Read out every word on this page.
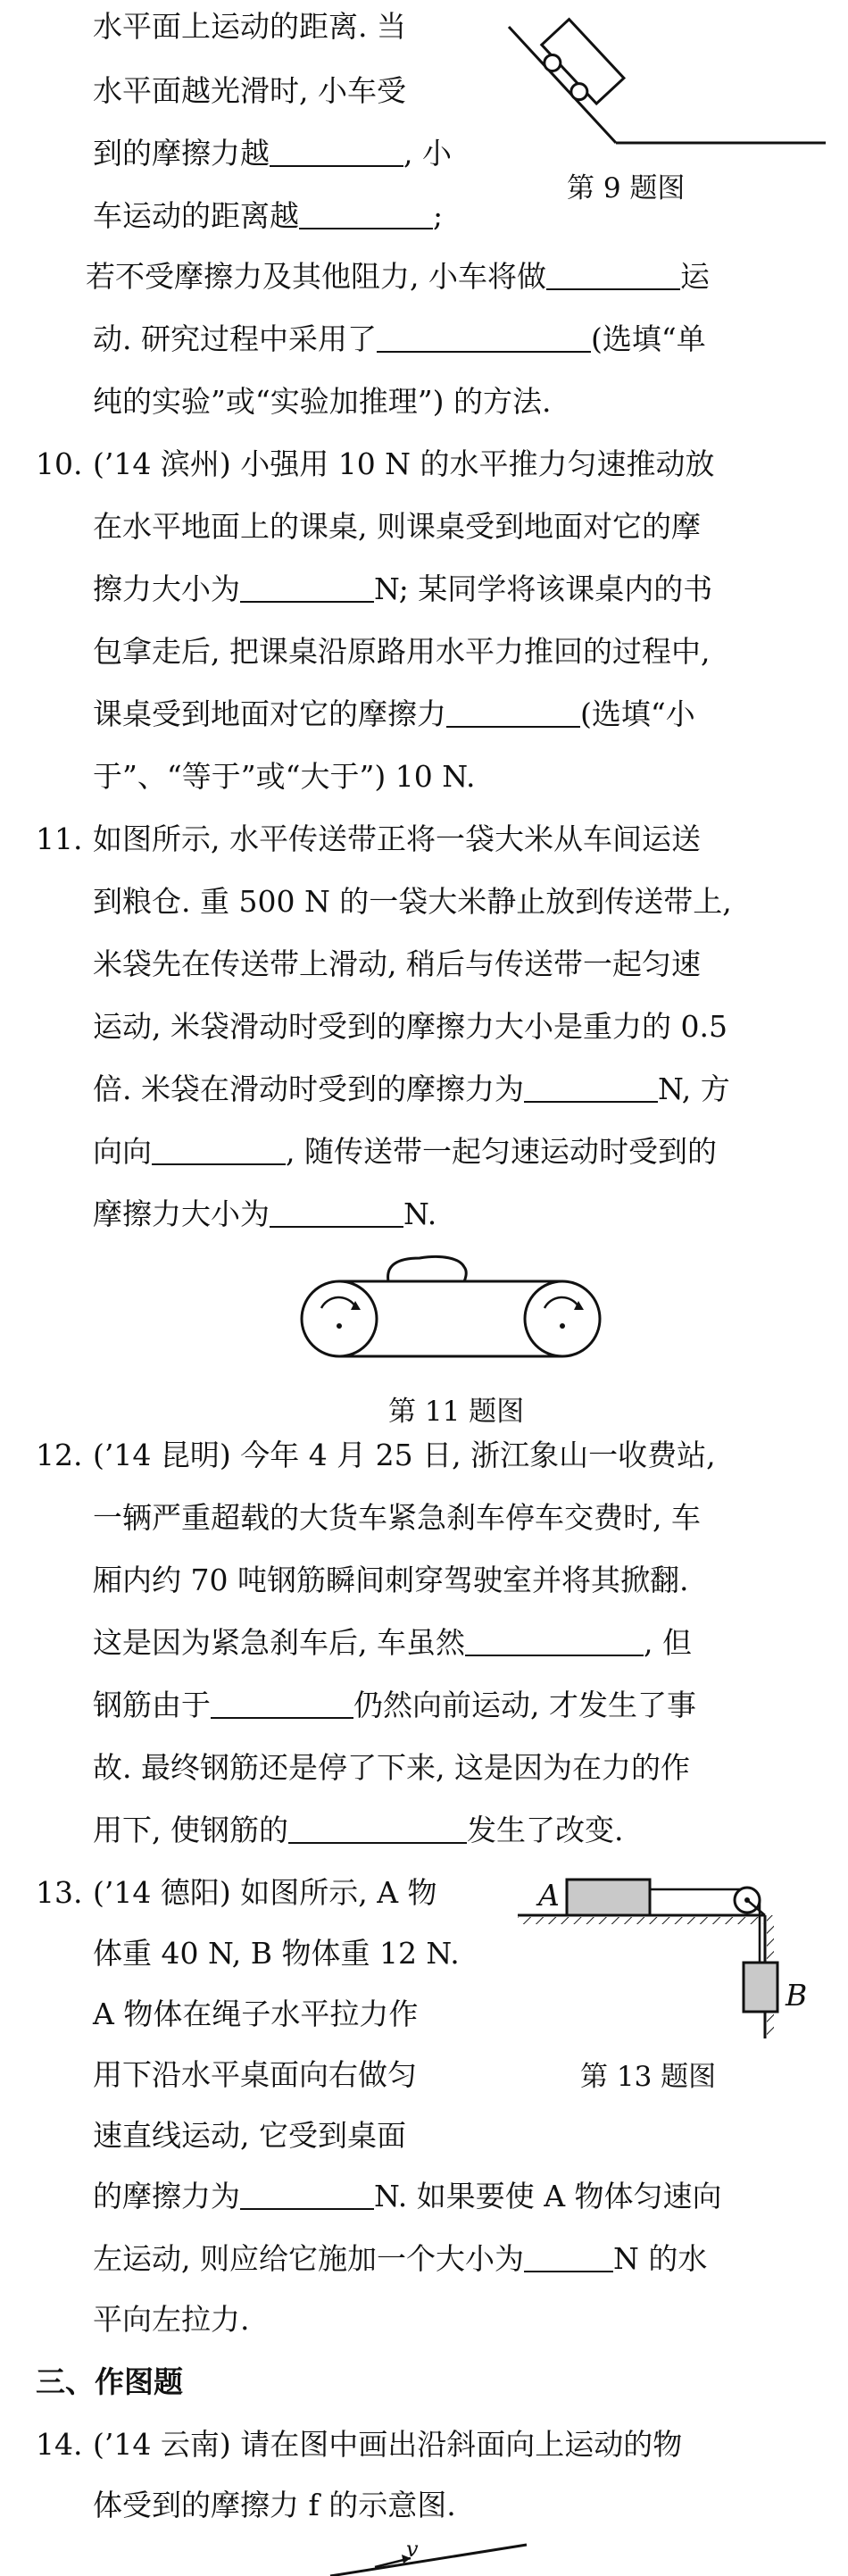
水平面上运动的距离. 当
水平面越光滑时, 小车受
到的摩擦力越	, 小
车运动的距离越	;
若不受摩擦力及其他阻力, 小车将做	运
动. 研究过程中采用了	(选填“单
纯的实验”或“实验加推理”) 的方法.
第 9 题图
10. (’14 滨州) 小强用 10 N 的水平推力匀速推动放
在水平地面上的课桌, 则课桌受到地面对它的摩
擦力大小为	N; 某同学将该课桌内的书
包拿走后, 把课桌沿原路用水平力推回的过程中,
课桌受到地面对它的摩擦力	(选填“小
于”、“等于”或“大于”) 10 N.
11. 如图所示, 水平传送带正将一袋大米从车间运送
到粮仓. 重 500 N 的一袋大米静止放到传送带上,
米袋先在传送带上滑动, 稍后与传送带一起匀速
运动, 米袋滑动时受到的摩擦力大小是重力的 0.5
倍. 米袋在滑动时受到的摩擦力为	N, 方
向向	, 随传送带一起匀速运动时受到的
摩擦力大小为	N.
第 11 题图
12. (’14 昆明) 今年 4 月 25 日, 浙江象山一收费站,
一辆严重超载的大货车紧急刹车停车交费时, 车
厢内约 70 吨钢筋瞬间刺穿驾驶室并将其掀翻.
这是因为紧急刹车后, 车虽然	, 但
钢筋由于	仍然向前运动, 才发生了事
故. 最终钢筋还是停了下来, 这是因为在力的作
用下, 使钢筋的	发生了改变.
13. (’14 德阳) 如图所示, A 物
体重 40 N, B 物体重 12 N.
A 物体在绳子水平拉力作
用下沿水平桌面向右做匀
速直线运动, 它受到桌面
的摩擦力为	N. 如果要使 A 物体匀速向
左运动, 则应给它施加一个大小为	N 的水
平向左拉力.
A
B
第 13 题图
三、作图题
14. (’14 云南) 请在图中画出沿斜面向上运动的物
体受到的摩擦力 f 的示意图.
v
